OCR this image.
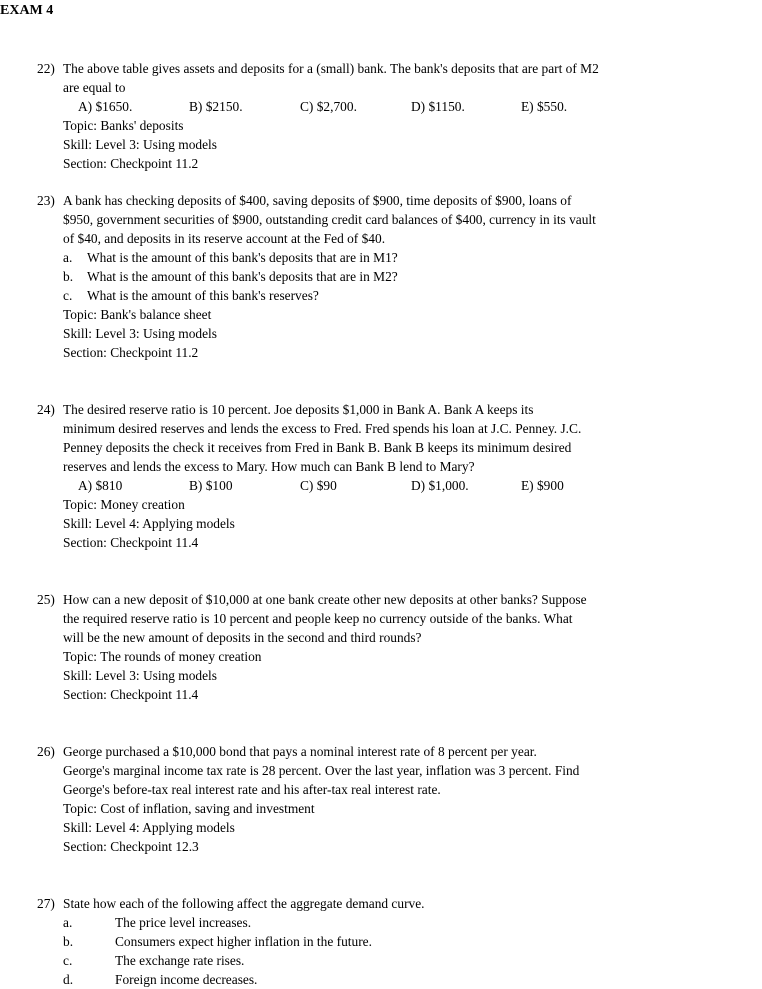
EXAM 4
22) The above table gives assets and deposits for a (small) bank. The bank's deposits that are part of M2 are equal to
A) $1650.	B) $2150.	C) $2,700.	D) $1150.	E) $550.
Topic: Banks' deposits
Skill: Level 3: Using models
Section: Checkpoint 11.2
23) A bank has checking deposits of $400, saving deposits of $900, time deposits of $900, loans of $950, government securities of $900, outstanding credit card balances of $400, currency in its vault of $40, and deposits in its reserve account at the Fed of $40.
a. What is the amount of this bank's deposits that are in M1?
b. What is the amount of this bank's deposits that are in M2?
c. What is the amount of this bank's reserves?
Topic: Bank's balance sheet
Skill: Level 3: Using models
Section: Checkpoint 11.2
24) The desired reserve ratio is 10 percent. Joe deposits $1,000 in Bank A. Bank A keeps its minimum desired reserves and lends the excess to Fred. Fred spends his loan at J.C. Penney. J.C. Penney deposits the check it receives from Fred in Bank B. Bank B keeps its minimum desired reserves and lends the excess to Mary. How much can Bank B lend to Mary?
A) $810	B) $100	C) $90	D) $1,000.	E) $900
Topic: Money creation
Skill: Level 4: Applying models
Section: Checkpoint 11.4
25) How can a new deposit of $10,000 at one bank create other new deposits at other banks? Suppose the required reserve ratio is 10 percent and people keep no currency outside of the banks. What will be the new amount of deposits in the second and third rounds?
Topic: The rounds of money creation
Skill: Level 3: Using models
Section: Checkpoint 11.4
26) George purchased a $10,000 bond that pays a nominal interest rate of 8 percent per year. George's marginal income tax rate is 28 percent. Over the last year, inflation was 3 percent. Find George's before-tax real interest rate and his after-tax real interest rate.
Topic: Cost of inflation, saving and investment
Skill: Level 4: Applying models
Section: Checkpoint 12.3
27) State how each of the following affect the aggregate demand curve.
a.	The price level increases.
b.	Consumers expect higher inflation in the future.
c.	The exchange rate rises.
d.	Foreign income decreases.
